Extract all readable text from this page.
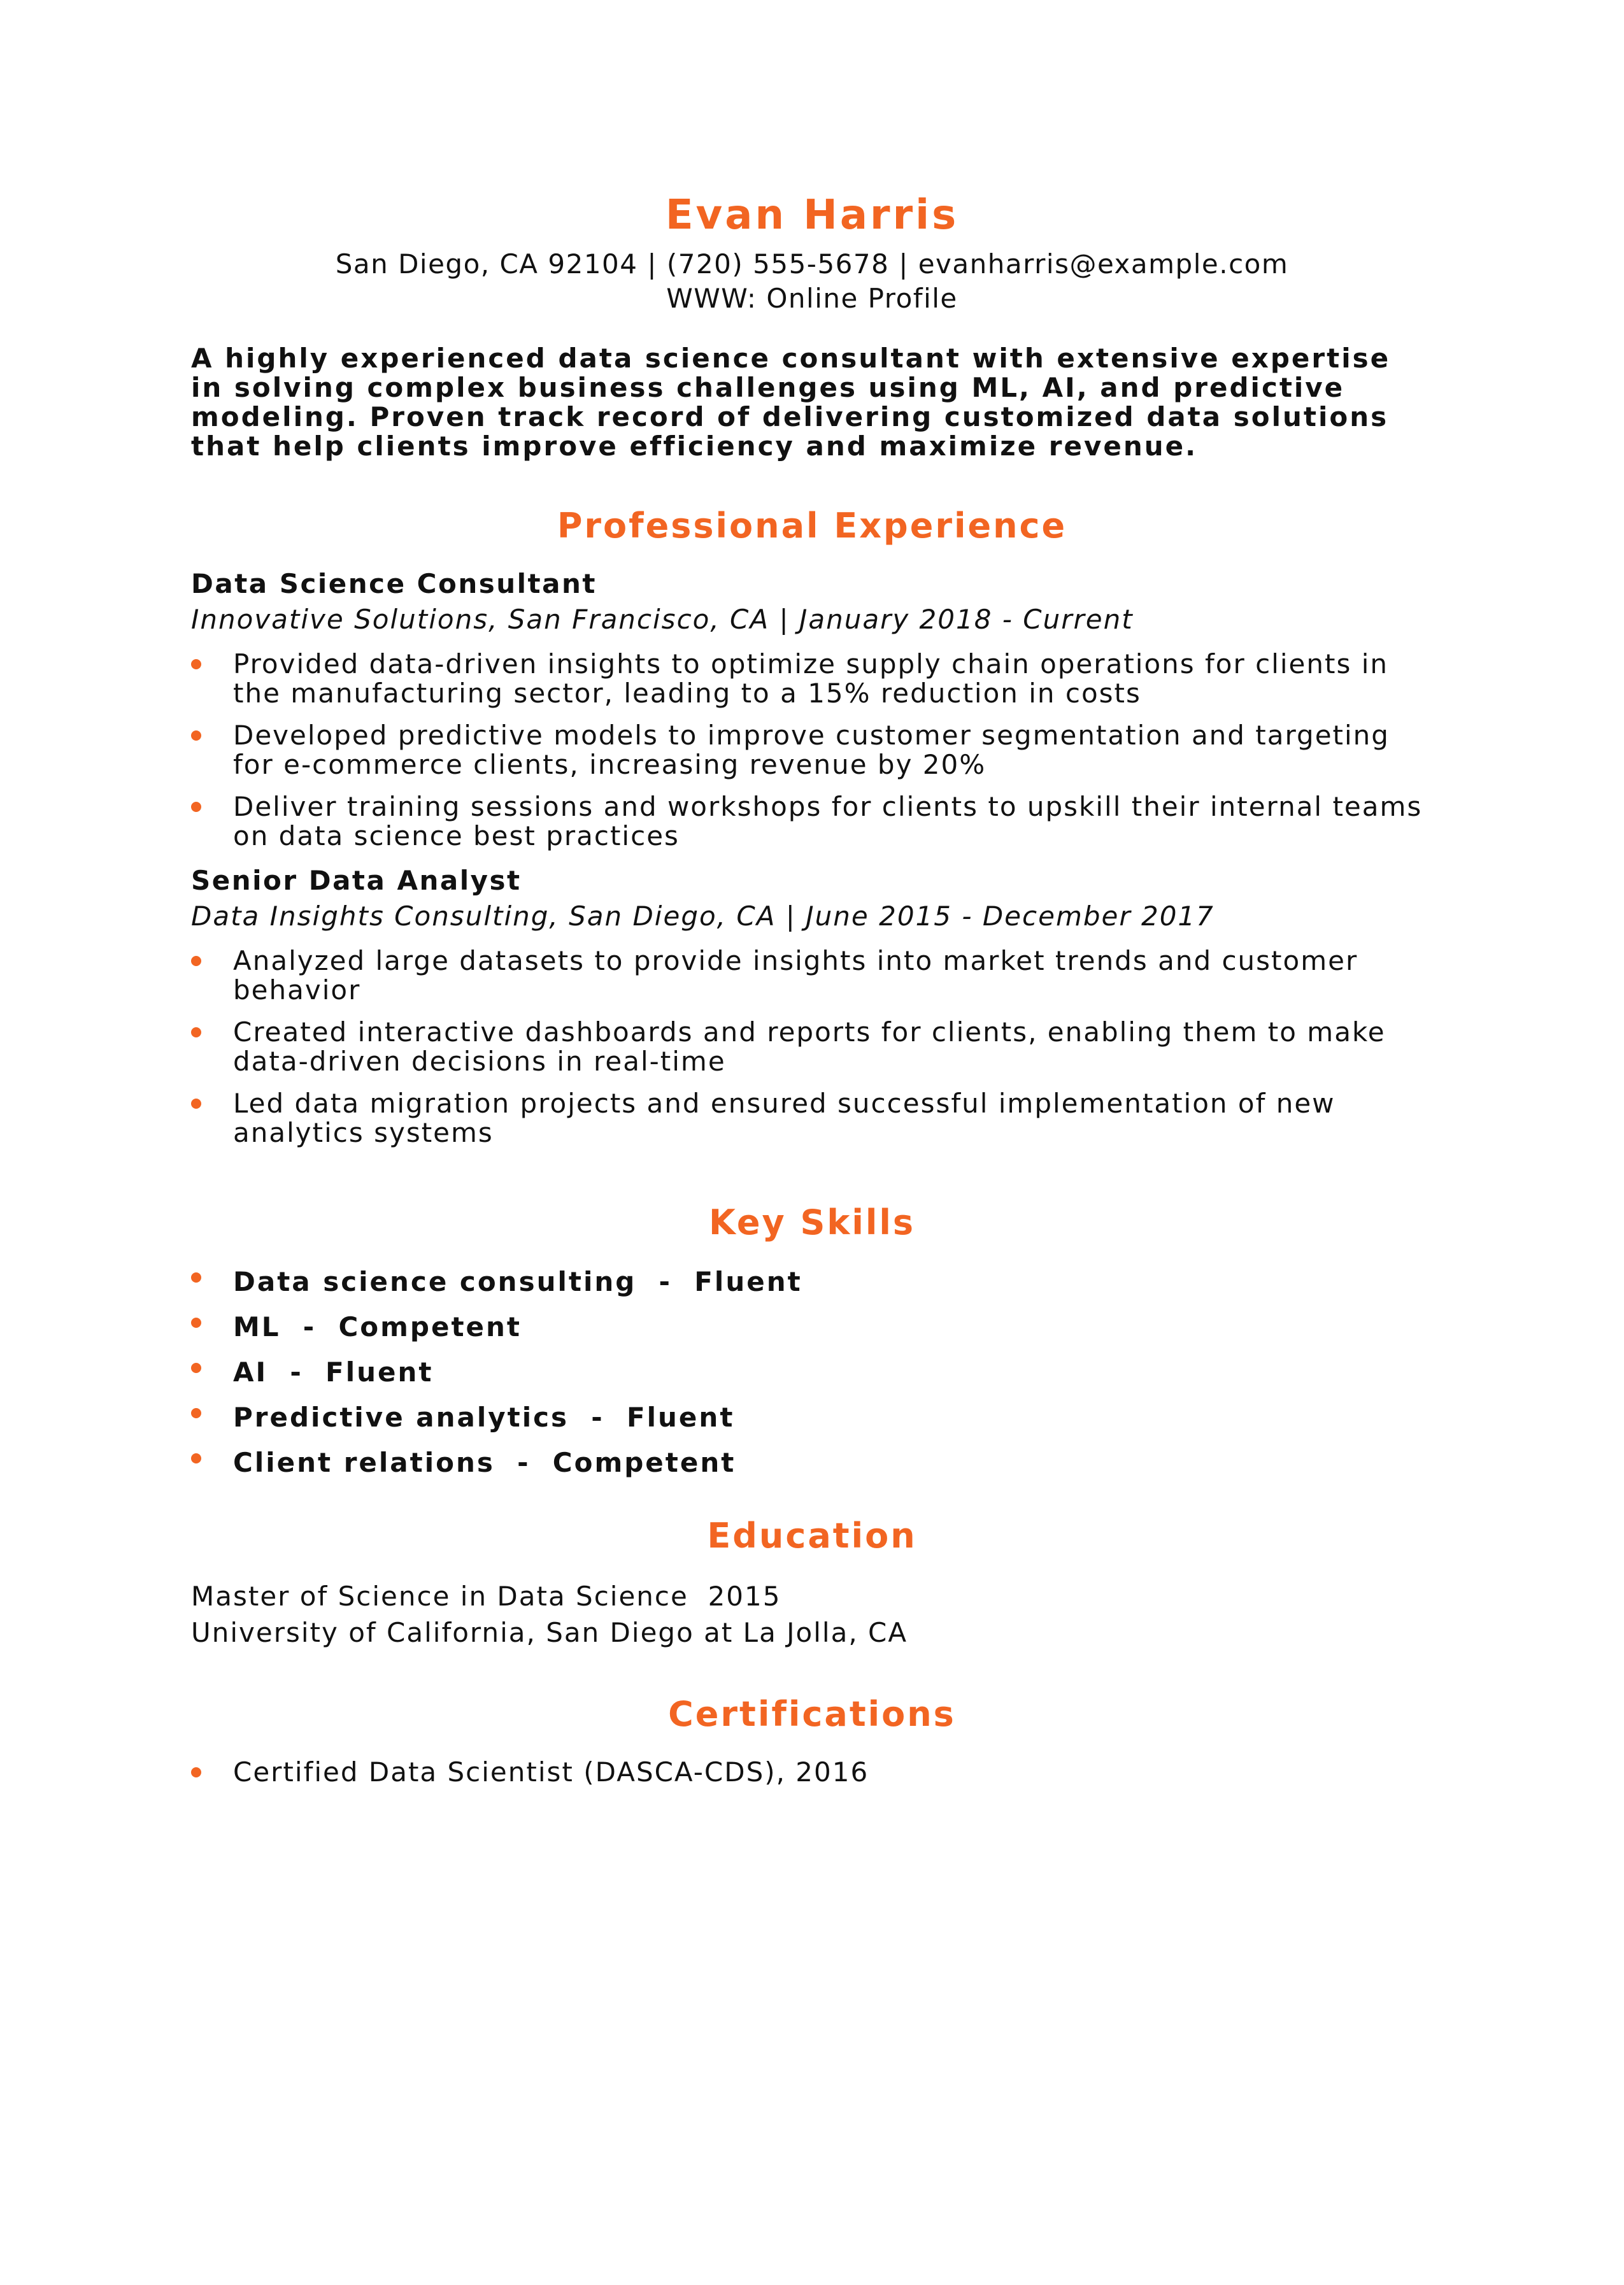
Evan Harris
San Diego, CA 92104 | (720) 555-5678 | evanharris@example.com
WWW: Online Profile
A highly experienced data science consultant with extensive expertise in solving complex business challenges using ML, AI, and predictive modeling. Proven track record of delivering customized data solutions that help clients improve efficiency and maximize revenue.
Professional Experience
Data Science Consultant
Innovative Solutions, San Francisco, CA | January 2018 - Current
Provided data-driven insights to optimize supply chain operations for clients in the manufacturing sector, leading to a 15% reduction in costs
Developed predictive models to improve customer segmentation and targeting for e-commerce clients, increasing revenue by 20%
Deliver training sessions and workshops for clients to upskill their internal teams on data science best practices
Senior Data Analyst
Data Insights Consulting, San Diego, CA | June 2015 - December 2017
Analyzed large datasets to provide insights into market trends and customer behavior
Created interactive dashboards and reports for clients, enabling them to make data-driven decisions in real-time
Led data migration projects and ensured successful implementation of new analytics systems
Key Skills
Data science consulting  -  Fluent
ML  -  Competent
AI  -  Fluent
Predictive analytics  -  Fluent
Client relations  -  Competent
Education
Master of Science in Data Science  2015
University of California, San Diego at La Jolla, CA
Certifications
Certified Data Scientist (DASCA-CDS), 2016
